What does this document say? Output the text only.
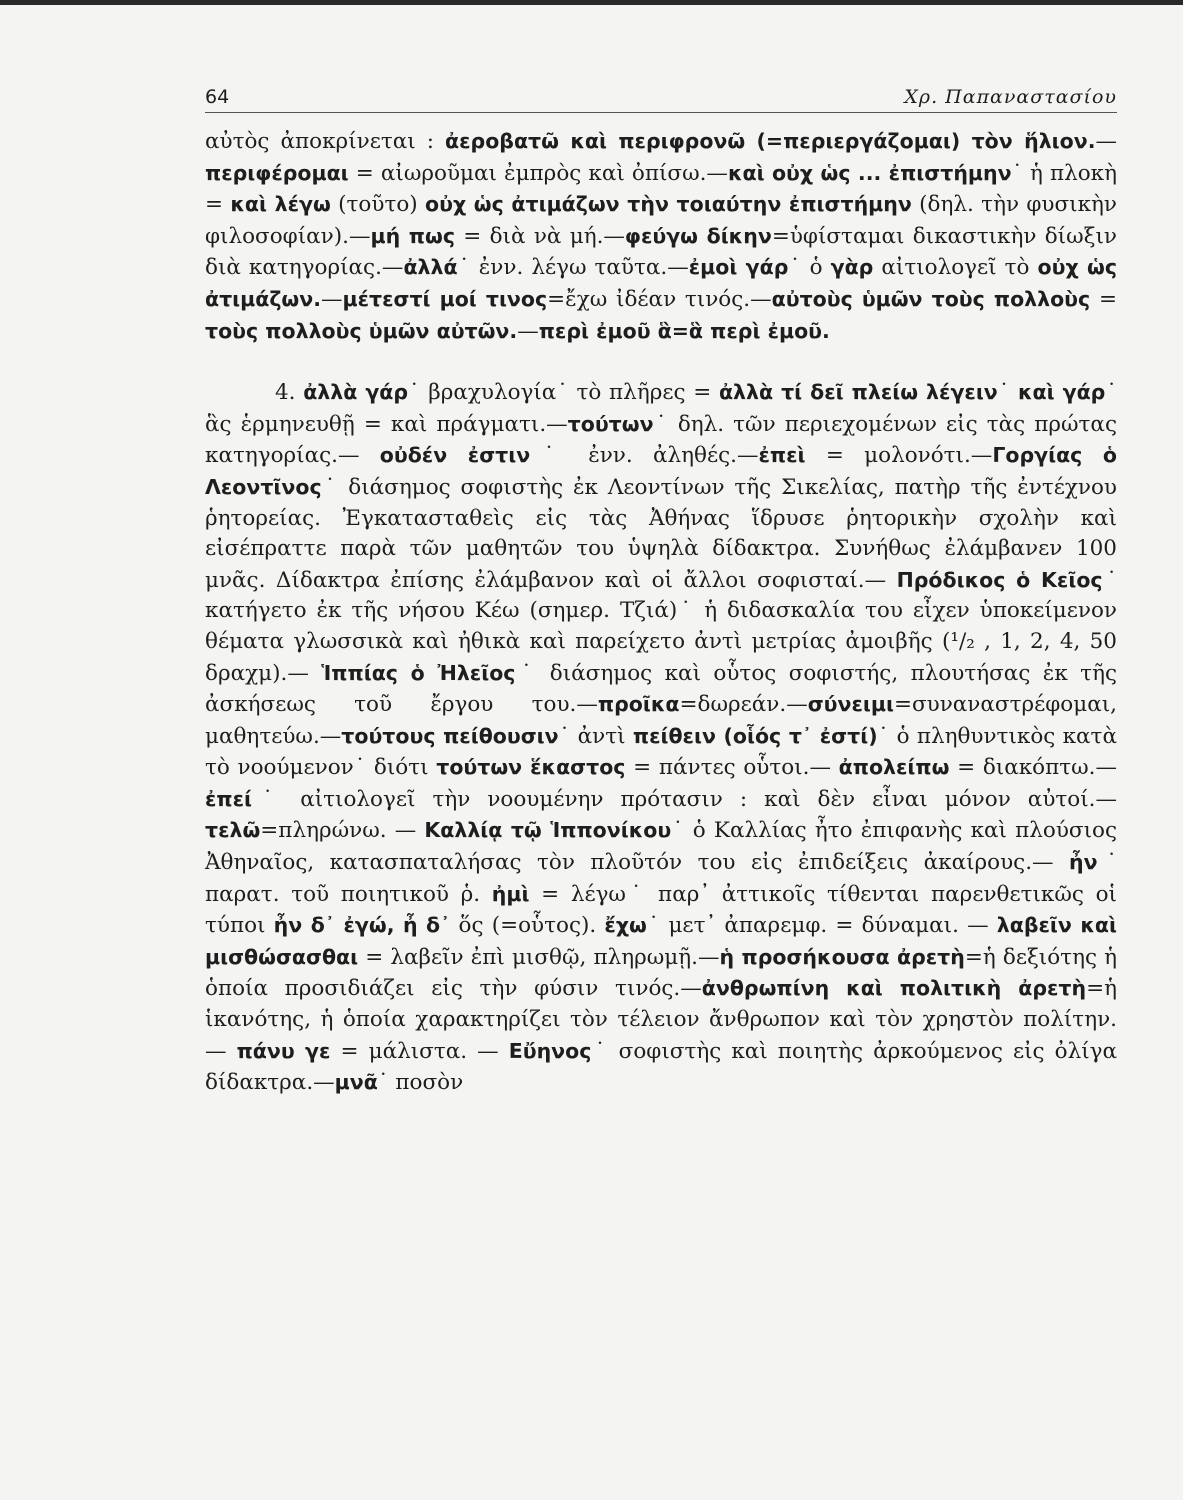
64	Χρ. Παπαναστασίου

αὐτὸς ἀποκρίνεται : ἀεροβατῶ καὶ περιφρονῶ (=περιεργάζομαι) τὸν ἥλιον.—περιφέρομαι = αἰωροῦμαι ἐμπρὸς καὶ ὀπίσω.—καὶ οὐχ ὡς ... ἐπιστήμην˙ ἡ πλοκὴ = καὶ λέγω (τοῦτο) οὐχ ὡς ἀτιμάζων τὴν τοιαύτην ἐπιστήμην (δηλ. τὴν φυσικὴν φιλοσοφίαν).—μή πως = διὰ νὰ μή.—φεύγω δίκην=ὑφίσταμαι δικαστικὴν δίωξιν διὰ κατηγορίας.—ἀλλά˙ ἐνν. λέγω ταῦτα.—ἐμοὶ γάρ˙ ὁ γὰρ αἰτιολογεῖ τὸ οὐχ ὡς ἀτιμάζων.—μέτεστί μοί τινος=ἔχω ἰδέαν τινός.—αὐτοὺς ὑμῶν τοὺς πολλοὺς = τοὺς πολλοὺς ὑμῶν αὐτῶν.—περὶ ἐμοῦ ἃ=ἃ περὶ ἐμοῦ.

4. ἀλλὰ γάρ˙ βραχυλογία˙ τὸ πλῆρες = ἀλλὰ τί δεῖ πλείω λέγειν˙ καὶ γάρ˙ ἃς ἑρμηνευθῇ = καὶ πράγματι.—τούτων˙ δηλ. τῶν περιεχομένων εἰς τὰς πρώτας κατηγορίας.— οὐδέν ἐστιν˙ ἐνν. ἀληθές.—ἐπεὶ = μολονότι.—Γοργίας ὁ Λεοντῖνος˙ διάσημος σοφιστὴς ἐκ Λεοντίνων τῆς Σικελίας, πατὴρ τῆς ἐντέχνου ῥητορείας. Ἐγκατασταθεὶς εἰς τὰς Ἀθήνας ἵδρυσε ῥητορικὴν σχολὴν καὶ εἰσέπραττε παρὰ τῶν μαθητῶν του ὑψηλὰ δίδακτρα. Συνήθως ἐλάμβανεν 100 μνᾶς. Δίδακτρα ἐπίσης ἐλάμβανον καὶ οἱ ἄλλοι σοφισταί.— Πρόδικος ὁ Κεῖος˙ κατήγετο ἐκ τῆς νήσου Κέω (σημερ. Τζιά)˙ ἡ διδασκαλία του εἶχεν ὑποκείμενον θέματα γλωσσικὰ καὶ ἠθικὰ καὶ παρείχετο ἀντὶ μετρίας ἀμοιβῆς (¹/₂ , 1, 2, 4, 50 δραχμ).— Ἱππίας ὁ Ἠλεῖος˙ διάσημος καὶ οὗτος σοφιστής, πλουτήσας ἐκ τῆς ἀσκήσεως τοῦ ἔργου του.—προῖκα=δωρεάν.—σύνειμι=συναναστρέφομαι, μαθητεύω.—τούτους πείθουσιν˙ ἀντὶ πείθειν (οἷός τ᾽ ἐστί)˙ ὁ πληθυντικὸς κατὰ τὸ νοούμενον˙ διότι τούτων ἕκαστος = πάντες οὗτοι.— ἀπολείπω = διακόπτω.— ἐπεί˙ αἰτιολογεῖ τὴν νοουμένην πρότασιν : καὶ δὲν εἶναι μόνον αὐτοί.— τελῶ=πληρώνω. — Καλλίᾳ τῷ Ἱππονίκου˙ ὁ Καλλίας ἦτο ἐπιφανὴς καὶ πλούσιος Ἀθηναῖος, κατασπαταλήσας τὸν πλοῦτόν του εἰς ἐπιδείξεις ἀκαίρους.— ἦν˙ παρατ. τοῦ ποιητικοῦ ῥ. ἠμὶ = λέγω˙ παρ᾽ ἀττικοῖς τίθενται παρενθετικῶς οἱ τύποι ἦν δ᾽ ἐγώ, ἦ δ᾽ ὅς (=οὗτος). ἔχω˙ μετ᾽ ἀπαρεμφ. = δύναμαι. — λαβεῖν καὶ μισθώσασθαι = λαβεῖν ἐπὶ μισθῷ, πληρωμῇ.—ἡ προσήκουσα ἀρετὴ=ἡ δεξιότης ἡ ὁποία προσιδιάζει εἰς τὴν φύσιν τινός.—ἀνθρωπίνη καὶ πολιτικὴ ἀρετὴ=ἡ ἱκανότης, ἡ ὁποία χαρακτηρίζει τὸν τέλειον ἄνθρωπον καὶ τὸν χρηστὸν πολίτην. — πάνυ γε = μάλιστα. — Εὔηνος˙ σοφιστὴς καὶ ποιητὴς ἀρκούμενος εἰς ὀλίγα δίδακτρα.—μνᾶ˙ ποσὸν
